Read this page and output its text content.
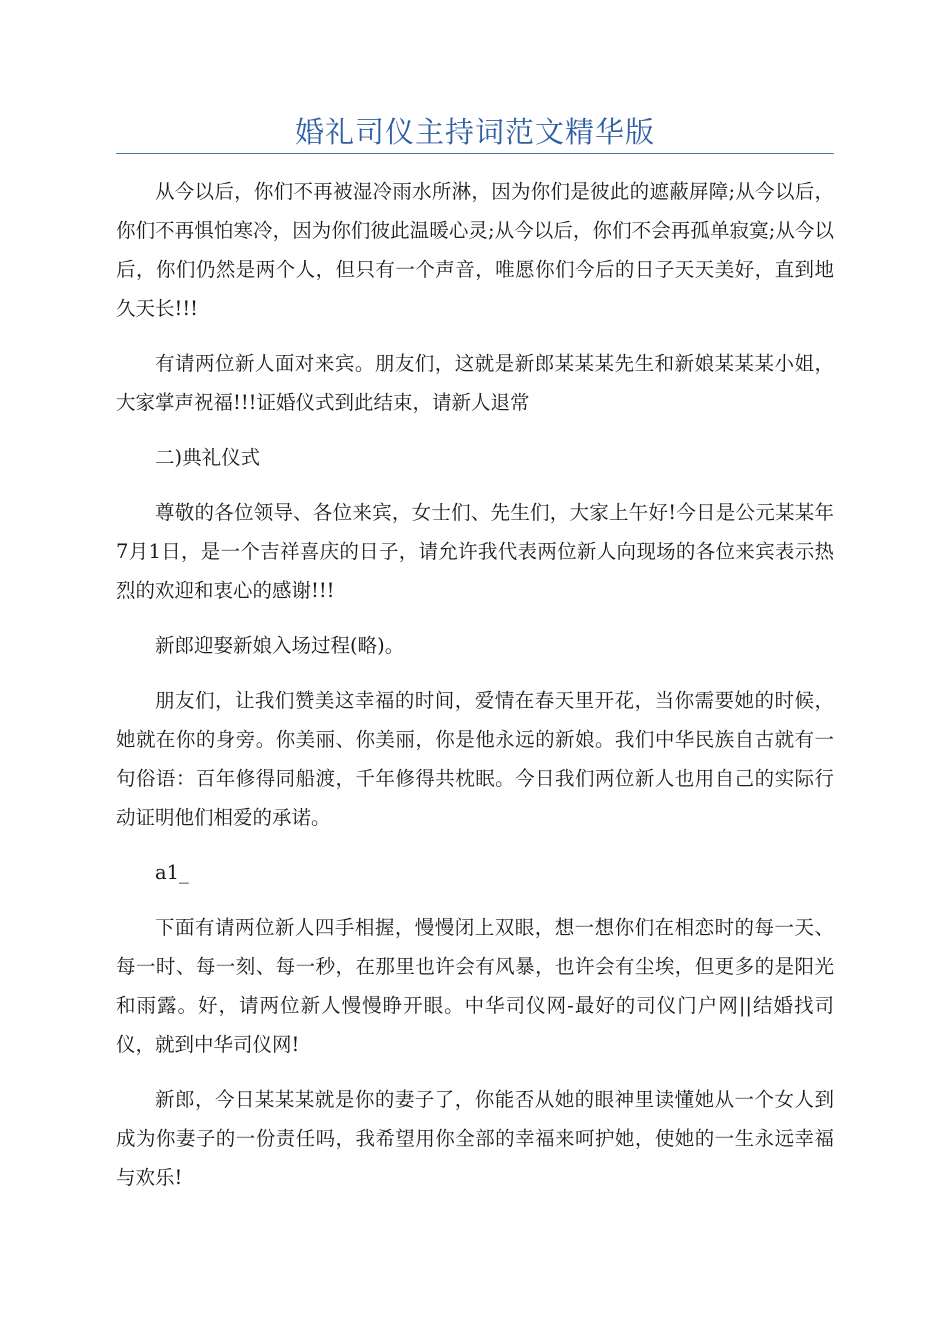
婚礼司仪主持词范文精华版

从今以后，你们不再被湿冷雨水所淋，因为你们是彼此的遮蔽屏障;从今以后，你们不再惧怕寒冷，因为你们彼此温暖心灵;从今以后，你们不会再孤单寂寞;从今以后，你们仍然是两个人，但只有一个声音，唯愿你们今后的日子天天美好，直到地久天长!!!

有请两位新人面对来宾。朋友们，这就是新郎某某某先生和新娘某某某小姐，大家掌声祝福!!!证婚仪式到此结束，请新人退常

二)典礼仪式

尊敬的各位领导、各位来宾，女士们、先生们，大家上午好!今日是公元某某年7月1日，是一个吉祥喜庆的日子，请允许我代表两位新人向现场的各位来宾表示热烈的欢迎和衷心的感谢!!!

新郎迎娶新娘入场过程(略)。

朋友们，让我们赞美这幸福的时间，爱情在春天里开花，当你需要她的时候，她就在你的身旁。你美丽、你美丽，你是他永远的新娘。我们中华民族自古就有一句俗语：百年修得同船渡，千年修得共枕眠。今日我们两位新人也用自己的实际行动证明他们相爱的承诺。

a1_

下面有请两位新人四手相握，慢慢闭上双眼，想一想你们在相恋时的每一天、每一时、每一刻、每一秒，在那里也许会有风暴，也许会有尘埃，但更多的是阳光和雨露。好，请两位新人慢慢睁开眼。中华司仪网-最好的司仪门户网||结婚找司仪，就到中华司仪网!

新郎，今日某某某就是你的妻子了，你能否从她的眼神里读懂她从一个女人到成为你妻子的一份责任吗，我希望用你全部的幸福来呵护她，使她的一生永远幸福与欢乐!
